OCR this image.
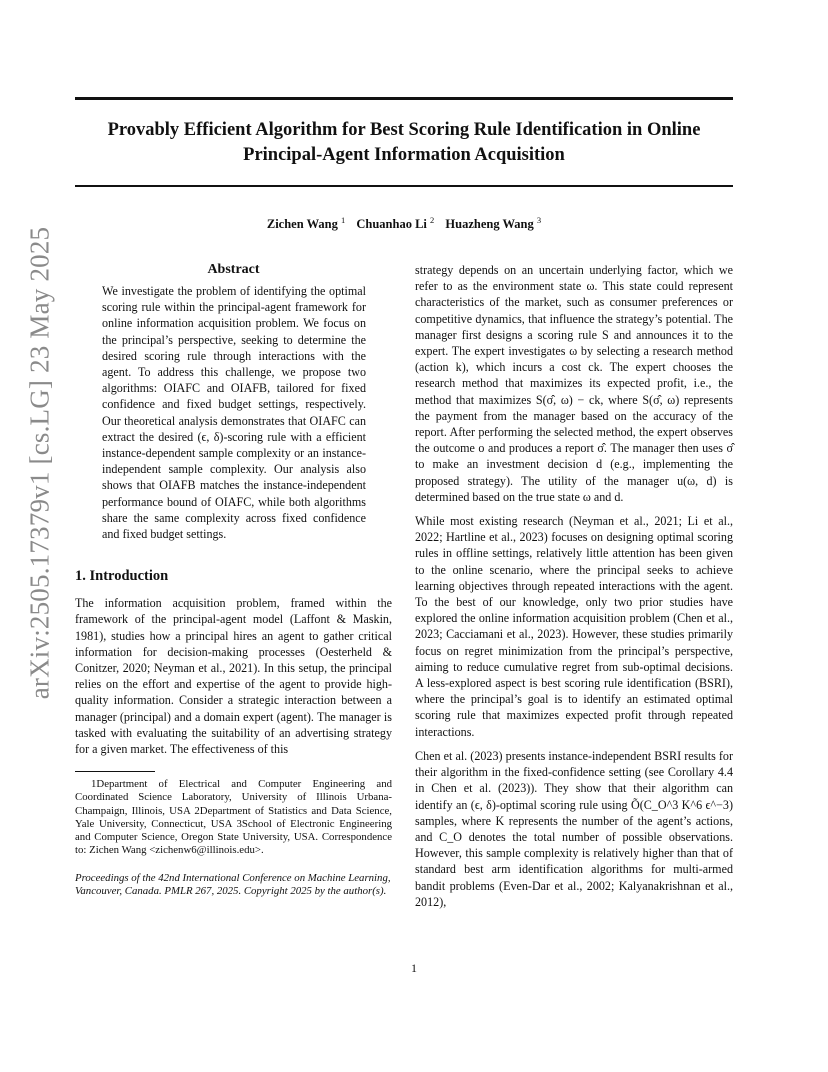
arXiv:2505.17379v1 [cs.LG] 23 May 2025
Provably Efficient Algorithm for Best Scoring Rule Identification in Online
Principal-Agent Information Acquisition
Zichen Wang $^1$ Chuanhao Li $^2$ Huazheng Wang $^3$
Abstract

We investigate the problem of identifying the optimal scoring rule within the principal-agent framework for online information acquisition problem. We focus on the principal’s perspective, seeking to determine the desired scoring rule through interactions with the agent. To address this challenge, we propose two algorithms: OIAFC and OIAFB, tailored for fixed confidence and fixed budget settings, respectively. Our theoretical analysis demonstrates that OIAFC can extract the desired (ϵ, δ)-scoring rule with a efficient instance-dependent sample complexity or an instance-independent sample complexity. Our analysis also shows that OIAFB matches the instance-independent performance bound of OIAFC, while both algorithms share the same complexity across fixed confidence and fixed budget settings.

1. Introduction

The information acquisition problem, framed within the framework of the principal-agent model (Laffont & Maskin, 1981), studies how a principal hires an agent to gather critical information for decision-making processes (Oesterheld & Conitzer, 2020; Neyman et al., 2021). In this setup, the principal relies on the effort and expertise of the agent to provide high-quality information. Consider a strategic interaction between a manager (principal) and a domain expert (agent). The manager is tasked with evaluating the suitability of an advertising strategy for a given market. The effectiveness of this

1Department of Electrical and Computer Engineering and Coordinated Science Laboratory, University of Illinois Urbana-Champaign, Illinois, USA 2Department of Statistics and Data Science, Yale University, Connecticut, USA 3School of Electronic Engineering and Computer Science, Oregon State University, USA. Correspondence to: Zichen Wang <zichenw6@illinois.edu>.

Proceedings of the 42nd International Conference on Machine Learning, Vancouver, Canada. PMLR 267, 2025. Copyright 2025 by the author(s).

strategy depends on an uncertain underlying factor, which we refer to as the environment state ω. This state could represent characteristics of the market, such as consumer preferences or competitive dynamics, that influence the strategy’s potential. The manager first designs a scoring rule S and announces it to the expert. The expert investigates ω by selecting a research method (action k), which incurs a cost ck. The expert chooses the research method that maximizes its expected profit, i.e., the method that maximizes S(σ̂, ω) − ck, where S(σ̂, ω) represents the payment from the manager based on the accuracy of the report. After performing the selected method, the expert observes the outcome o and produces a report σ̂. The manager then uses σ̂ to make an investment decision d (e.g., implementing the proposed strategy). The utility of the manager u(ω, d) is determined based on the true state ω and d.

While most existing research (Neyman et al., 2021; Li et al., 2022; Hartline et al., 2023) focuses on designing optimal scoring rules in offline settings, relatively little attention has been given to the online scenario, where the principal seeks to achieve learning objectives through repeated interactions with the agent. To the best of our knowledge, only two prior studies have explored the online information acquisition problem (Chen et al., 2023; Cacciamani et al., 2023). However, these studies primarily focus on regret minimization from the principal’s perspective, aiming to reduce cumulative regret from sub-optimal decisions. A less-explored aspect is best scoring rule identification (BSRI), where the principal’s goal is to identify an estimated optimal scoring rule that maximizes expected profit through repeated interactions.

Chen et al. (2023) presents instance-independent BSRI results for their algorithm in the fixed-confidence setting (see Corollary 4.4 in Chen et al. (2023)). They show that their algorithm can identify an (ϵ, δ)-optimal scoring rule using Õ(C_O^3 K^6 ϵ^−3) samples, where K represents the number of the agent’s actions, and C_O denotes the total number of possible observations. However, this sample complexity is relatively higher than that of standard best arm identification algorithms for multi-armed bandit problems (Even-Dar et al., 2002; Kalyanakrishnan et al., 2012),

1
